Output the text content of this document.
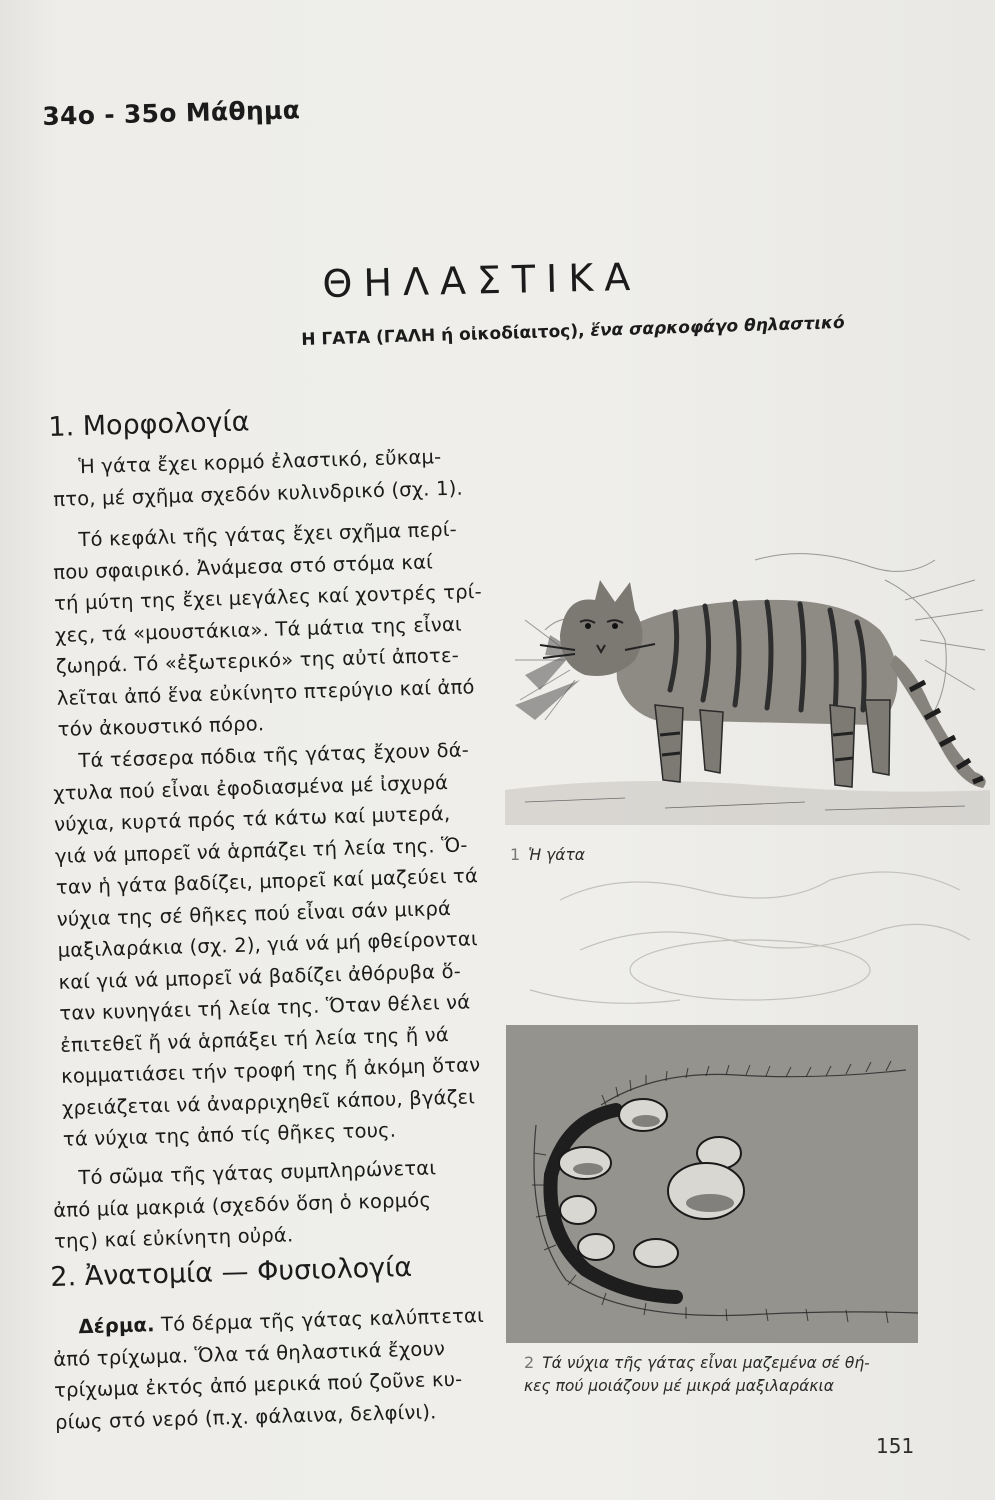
34ο - 35ο Μάθημα
ΘΗΛΑΣΤΙΚΑ
Η ΓΑΤΑ (ΓΑΛΗ ή οἰκοδίαιτος), ἕνα σαρκοφάγο θηλαστικό
1. Μορφολογία
Ἡ γάτα ἔχει κορμό ἐλαστικό, εὔκαμ-
πτο, μέ σχῆμα σχεδόν κυλινδρικό (σχ. 1).
Τό κεφάλι τῆς γάτας ἔχει σχῆμα περί-
που σφαιρικό. Ἀνάμεσα στό στόμα καί
τή μύτη της ἔχει μεγάλες καί χοντρές τρί-
χες, τά «μουστάκια». Τά μάτια της εἶναι
ζωηρά. Τό «ἐξωτερικό» της αὐτί ἀποτε-
λεῖται ἀπό ἕνα εὐκίνητο πτερύγιο καί ἀπό
τόν ἀκουστικό πόρο.
Τά τέσσερα πόδια τῆς γάτας ἔχουν δά-
χτυλα πού εἶναι ἐφοδιασμένα μέ ἰσχυρά
νύχια, κυρτά πρός τά κάτω καί μυτερά,
γιά νά μπορεῖ νά ἁρπάζει τή λεία της. Ὅ-
ταν ἡ γάτα βαδίζει, μπορεῖ καί μαζεύει τά
νύχια της σέ θῆκες πού εἶναι σάν μικρά
μαξιλαράκια (σχ. 2), γιά νά μή φθείρονται
καί γιά νά μπορεῖ νά βαδίζει ἀθόρυβα ὅ-
ταν κυνηγάει τή λεία της. Ὅταν θέλει νά
ἐπιτεθεῖ ἤ νά ἁρπάξει τή λεία της ἤ νά
κομματιάσει τήν τροφή της ἤ ἀκόμη ὅταν
χρειάζεται νά ἀναρριχηθεῖ κάπου, βγάζει
τά νύχια της ἀπό τίς θῆκες τους.
Τό σῶμα τῆς γάτας συμπληρώνεται
ἀπό μία μακριά (σχεδόν ὅση ὁ κορμός
της) καί εὐκίνητη οὐρά.
2. Ἀνατομία — Φυσιολογία
Δέρμα. Τό δέρμα τῆς γάτας καλύπτεται
ἀπό τρίχωμα. Ὅλα τά θηλαστικά ἔχουν
τρίχωμα ἐκτός ἀπό μερικά πού ζοῦνε κυ-
ρίως στό νερό (π.χ. φάλαινα, δελφίνι).
1 Ἡ γάτα
2 Τά νύχια τῆς γάτας εἶναι μαζεμένα σέ θή-
κες πού μοιάζουν μέ μικρά μαξιλαράκια
151
